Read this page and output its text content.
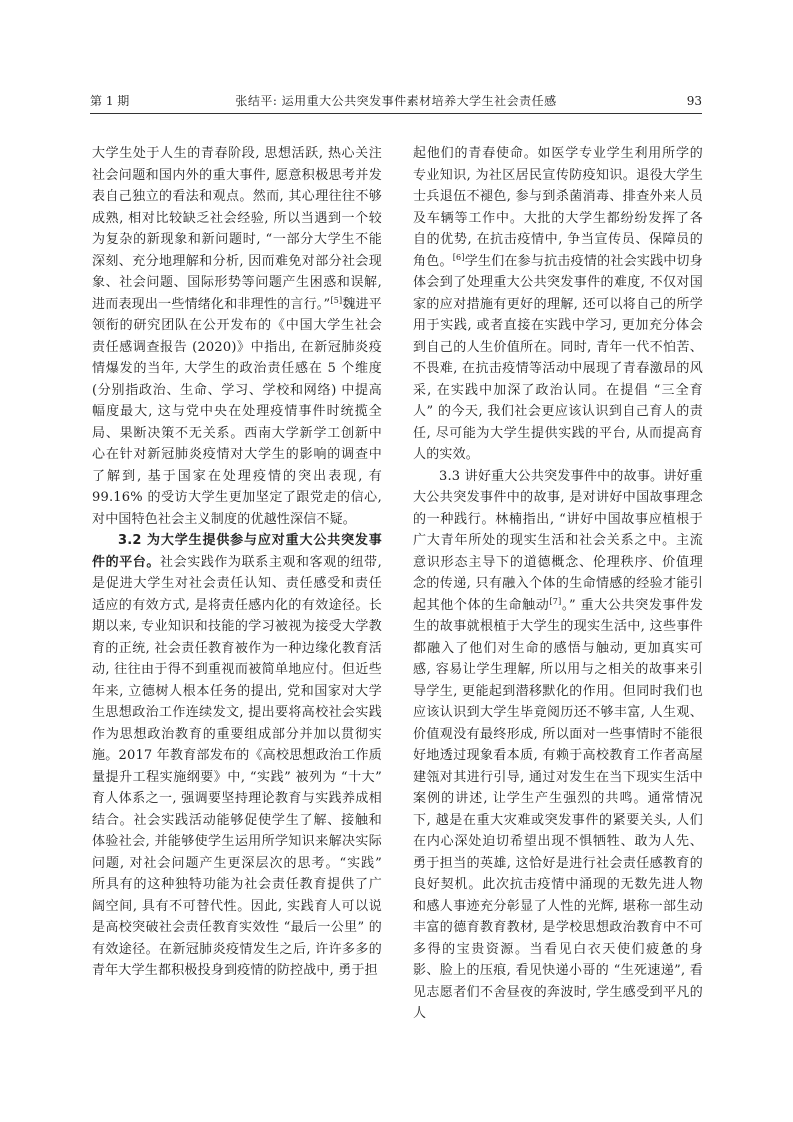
第 1 期	张结平: 运用重大公共突发事件素材培养大学生社会责任感	93

大学生处于人生的青春阶段, 思想活跃, 热心关注社会问题和国内外的重大事件, 愿意积极思考并发表自己独立的看法和观点。然而, 其心理往往不够成熟, 相对比较缺乏社会经验, 所以当遇到一个较为复杂的新现象和新问题时, “一部分大学生不能深刻、充分地理解和分析, 因而难免对部分社会现象、社会问题、国际形势等问题产生困惑和误解, 进而表现出一些情绪化和非理性的言行。”[5]魏进平领衔的研究团队在公开发布的《中国大学生社会责任感调查报告 (2020)》中指出, 在新冠肺炎疫情爆发的当年, 大学生的政治责任感在 5 个维度 (分别指政治、生命、学习、学校和网络) 中提高幅度最大, 这与党中央在处理疫情事件时统揽全局、果断决策不无关系。西南大学新学工创新中心在针对新冠肺炎疫情对大学生的影响的调查中了解到, 基于国家在处理疫情的突出表现, 有 99.16% 的受访大学生更加坚定了跟党走的信心, 对中国特色社会主义制度的优越性深信不疑。

3.2 为大学生提供参与应对重大公共突发事件的平台。社会实践作为联系主观和客观的纽带, 是促进大学生对社会责任认知、责任感受和责任适应的有效方式, 是将责任感内化的有效途径。长期以来, 专业知识和技能的学习被视为接受大学教育的正统, 社会责任教育被作为一种边缘化教育活动, 往往由于得不到重视而被简单地应付。但近些年来, 立德树人根本任务的提出, 党和国家对大学生思想政治工作连续发文, 提出要将高校社会实践作为思想政治教育的重要组成部分并加以贯彻实施。2017 年教育部发布的《高校思想政治工作质量提升工程实施纲要》中, “实践” 被列为 “十大” 育人体系之一, 强调要坚持理论教育与实践养成相结合。社会实践活动能够促使学生了解、接触和体验社会, 并能够使学生运用所学知识来解决实际问题, 对社会问题产生更深层次的思考。“实践” 所具有的这种独特功能为社会责任教育提供了广阔空间, 具有不可替代性。因此, 实践育人可以说是高校突破社会责任教育实效性 “最后一公里” 的有效途径。在新冠肺炎疫情发生之后, 许许多多的青年大学生都积极投身到疫情的防控战中, 勇于担

起他们的青春使命。如医学专业学生利用所学的专业知识, 为社区居民宣传防疫知识。退役大学生士兵退伍不褪色, 参与到杀菌消毒、排查外来人员及车辆等工作中。大批的大学生都纷纷发挥了各自的优势, 在抗击疫情中, 争当宣传员、保障员的角色。[6]学生们在参与抗击疫情的社会实践中切身体会到了处理重大公共突发事件的难度, 不仅对国家的应对措施有更好的理解, 还可以将自己的所学用于实践, 或者直接在实践中学习, 更加充分体会到自己的人生价值所在。同时, 青年一代不怕苦、不畏难, 在抗击疫情等活动中展现了青春激昂的风采, 在实践中加深了政治认同。在提倡 “三全育人” 的今天, 我们社会更应该认识到自己育人的责任, 尽可能为大学生提供实践的平台, 从而提高育人的实效。

3.3 讲好重大公共突发事件中的故事。讲好重大公共突发事件中的故事, 是对讲好中国故事理念的一种践行。林楠指出, “讲好中国故事应植根于广大青年所处的现实生活和社会关系之中。主流意识形态主导下的道德概念、伦理秩序、价值理念的传递, 只有融入个体的生命情感的经验才能引起其他个体的生命触动[7]。” 重大公共突发事件发生的故事就根植于大学生的现实生活中, 这些事件都融入了他们对生命的感悟与触动, 更加真实可感, 容易让学生理解, 所以用与之相关的故事来引导学生, 更能起到潜移默化的作用。但同时我们也应该认识到大学生毕竟阅历还不够丰富, 人生观、价值观没有最终形成, 所以面对一些事情时不能很好地透过现象看本质, 有赖于高校教育工作者高屋建瓴对其进行引导, 通过对发生在当下现实生活中案例的讲述, 让学生产生强烈的共鸣。通常情况下, 越是在重大灾难或突发事件的紧要关头, 人们在内心深处迫切希望出现不惧牺牲、敢为人先、勇于担当的英雄, 这恰好是进行社会责任感教育的良好契机。此次抗击疫情中涌现的无数先进人物和感人事迹充分彰显了人性的光辉, 堪称一部生动丰富的德育教育教材, 是学校思想政治教育中不可多得的宝贵资源。当看见白衣天使们疲惫的身影、脸上的压痕, 看见快递小哥的 “生死速递”, 看见志愿者们不舍昼夜的奔波时, 学生感受到平凡的人
